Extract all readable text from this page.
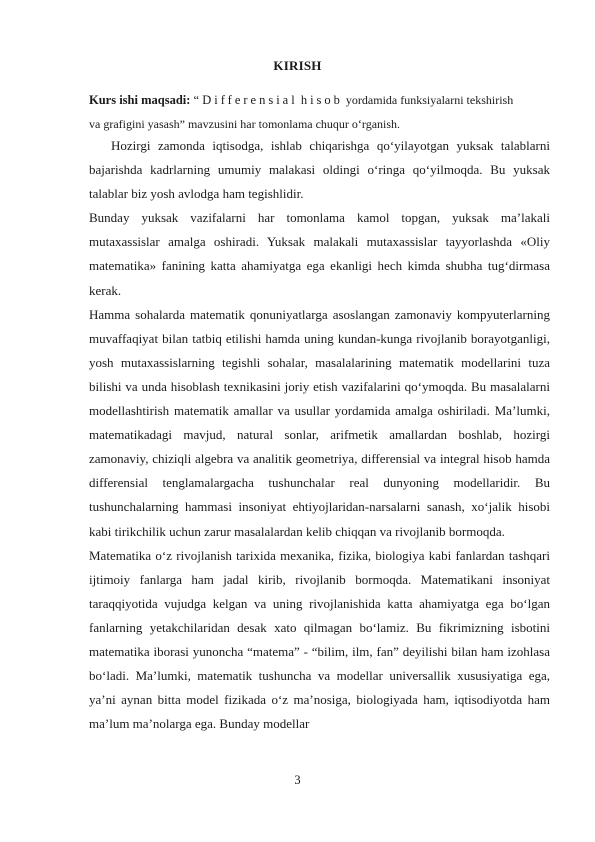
KIRISH
Kurs ishi maqsadi: “ Differensial hisob yordamida funksiyalarni tekshirish
va grafigini yasash” mavzusini har tomonlama chuqur o‘rganish.

Hozirgi zamonda iqtisodga, ishlab chiqarishga qo‘yilayotgan yuksak talablarni bajarishda kadrlarning umumiy malakasi oldingi o‘ringa qo‘yilmoqda. Bu yuksak talablar biz yosh avlodga ham tegishlidir.

Bunday yuksak vazifalarni har tomonlama kamol topgan, yuksak ma’lakali mutaxassislar amalga oshiradi. Yuksak malakali mutaxassislar tayyorlashda «Oliy matematika» fanining katta ahamiyatga ega ekanligi hech kimda shubha tug‘dirmasa kerak.

Hamma sohalarda matematik qonuniyatlarga asoslangan zamonaviy kompyuterlarning muvaffaqiyat bilan tatbiq etilishi hamda uning kundan-kunga rivojlanib borayotganligi, yosh mutaxassislarning tegishli sohalar, masalalarining matematik modellarini tuza bilishi va unda hisoblash texnikasini joriy etish vazifalarini qo‘ymoqda. Bu masalalarni modellashtirish matematik amallar va usullar yordamida amalga oshiriladi. Ma’lumki, matematikadagi mavjud, natural sonlar, arifmetik amallardan boshlab, hozirgi zamonaviy, chiziqli algebra va analitik geometriya, differensial va integral hisob hamda differensial tenglamalargacha tushunchalar real dunyoning modellaridir. Bu tushunchalarning hammasi insoniyat ehtiyojlaridan-narsalarni sanash, xo‘jalik hisobi kabi tirikchilik uchun zarur masalalardan kelib chiqqan va rivojlanib bormoqda.

Matematika o‘z rivojlanish tarixida mexanika, fizika, biologiya kabi fanlardan tashqari ijtimoiy fanlarga ham jadal kirib, rivojlanib bormoqda. Matematikani insoniyat taraqqiyotida vujudga kelgan va uning rivojlanishida katta ahamiyatga ega bo‘lgan fanlarning yetakchilaridan desak xato qilmagan bo‘lamiz. Bu fikrimizning isbotini matematika iborasi yunoncha “matema” - “bilim, ilm, fan” deyilishi bilan ham izohlasa bo‘ladi. Ma’lumki, matematik tushuncha va modellar universallik xususiyatiga ega, ya’ni aynan bitta model fizikada o‘z ma’nosiga, biologiyada ham, iqtisodiyotda ham ma’lum ma’nolarga ega. Bunday modellar

3
